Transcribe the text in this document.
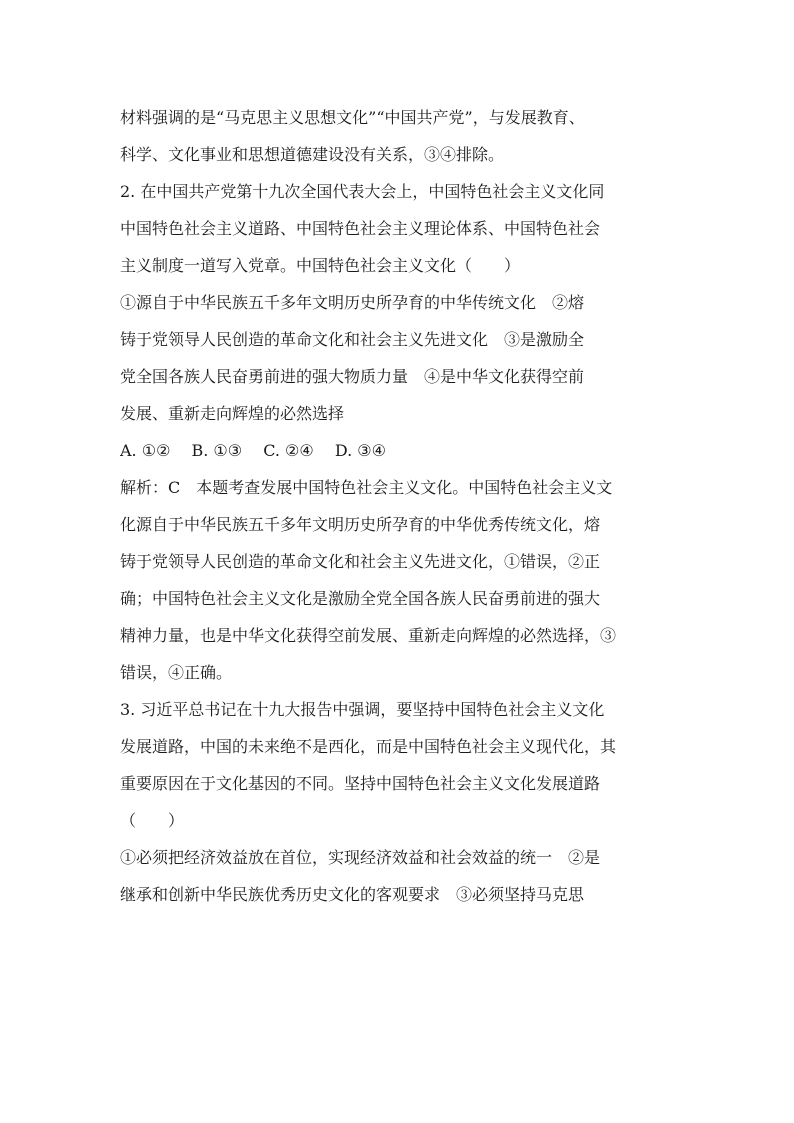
材料强调的是“马克思主义思想文化”“中国共产党”，与发展教育、
科学、文化事业和思想道德建设没有关系，③④排除。
2. 在中国共产党第十九次全国代表大会上，中国特色社会主义文化同
中国特色社会主义道路、中国特色社会主义理论体系、中国特色社会
主义制度一道写入党章。中国特色社会主义文化（　　）
①源自于中华民族五千多年文明历史所孕育的中华传统文化　②熔
铸于党领导人民创造的革命文化和社会主义先进文化　③是激励全
党全国各族人民奋勇前进的强大物质力量　④是中华文化获得空前
发展、重新走向辉煌的必然选择
A. ①②　 B. ①③　 C. ②④　 D. ③④
解析：C　本题考查发展中国特色社会主义文化。中国特色社会主义文
化源自于中华民族五千多年文明历史所孕育的中华优秀传统文化，熔
铸于党领导人民创造的革命文化和社会主义先进文化，①错误，②正
确；中国特色社会主义文化是激励全党全国各族人民奋勇前进的强大
精神力量，也是中华文化获得空前发展、重新走向辉煌的必然选择，③
错误，④正确。
3. 习近平总书记在十九大报告中强调，要坚持中国特色社会主义文化
发展道路，中国的未来绝不是西化，而是中国特色社会主义现代化，其
重要原因在于文化基因的不同。坚持中国特色社会主义文化发展道路
（　　）
①必须把经济效益放在首位，实现经济效益和社会效益的统一　②是
继承和创新中华民族优秀历史文化的客观要求　③必须坚持马克思
